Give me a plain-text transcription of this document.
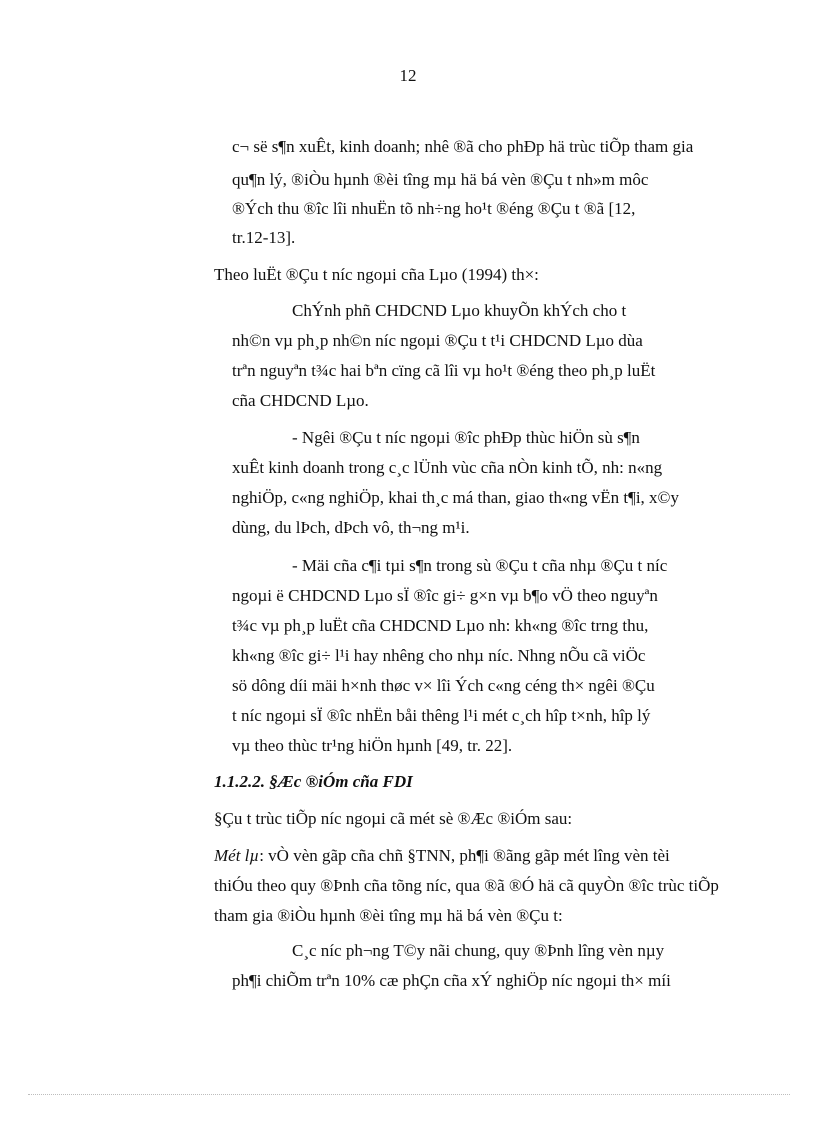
12
c¬ së s¶n xuÊt, kinh doanh; nhê ®ã cho phÐp hä trùc tiÕp tham gia
qu¶n lý, ®iÒu hµnh ®èi tîng mµ hä bá vèn ®Çu t nh»m môc
®Ých thu ®îc lîi nhuËn tõ nh÷ng ho¹t ®éng ®Çu t ®ã [12,
tr.12-13].
Theo luËt ®Çu t níc ngoµi cña Lµo (1994) th×:
ChÝnh phñ CHDCND Lµo khuyÕn khÝch cho t
nh©n vµ ph¸p nh©n níc ngoµi ®Çu t t¹i CHDCND Lµo dùa
trªn nguyªn t¾c hai bªn cïng cã lîi vµ ho¹t ®éng theo ph¸p luËt
cña CHDCND Lµo.
- Ngêi ®Çu t níc ngoµi ®îc phÐp thùc hiÖn sù s¶n
xuÊt kinh doanh trong c¸c lÜnh vùc cña nÒn kinh tÕ, nh: n«ng
nghiÖp, c«ng nghiÖp, khai th¸c má than, giao th«ng vËn t¶i, x©y
dùng, du lÞch, dÞch vô, th¬ng m¹i.
- Mäi cña c¶i tµi s¶n trong sù ®Çu t cña nhµ ®Çu t níc
ngoµi ë CHDCND Lµo sÏ ®îc gi÷ g×n vµ b¶o vÖ theo nguyªn
t¾c vµ ph¸p luËt cña CHDCND Lµo nh: kh«ng ®îc trng thu,
kh«ng ®îc gi÷ l¹i hay nhêng cho nhµ níc. Nhng nÕu cã viÖc
sö dông díi mäi h×nh thøc v× lîi Ých c«ng céng th× ngêi ®Çu
t níc ngoµi sÏ ®îc nhËn båi thêng l¹i mét c¸ch hîp t×nh, hîp lý
vµ theo thùc tr¹ng hiÖn hµnh [49, tr. 22].
1.1.2.2. §Æc ®iÓm cña FDI
§Çu t trùc tiÕp níc ngoµi cã mét sè ®Æc ®iÓm sau:
Mét lµ: vÒ vèn gãp cña chñ §TNN, ph¶i ®ãng gãp mét lîng vèn tèi
thiÓu theo quy ®Þnh cña tõng níc, qua ®ã ®Ó hä cã quyÒn ®îc trùc tiÕp
tham gia ®iÒu hµnh ®èi tîng mµ hä bá vèn ®Çu t:
C¸c níc ph¬ng T©y nãi chung, quy ®Þnh lîng vèn nµy
ph¶i chiÕm trªn 10% cæ phÇn cña xÝ nghiÖp níc ngoµi th× míi
